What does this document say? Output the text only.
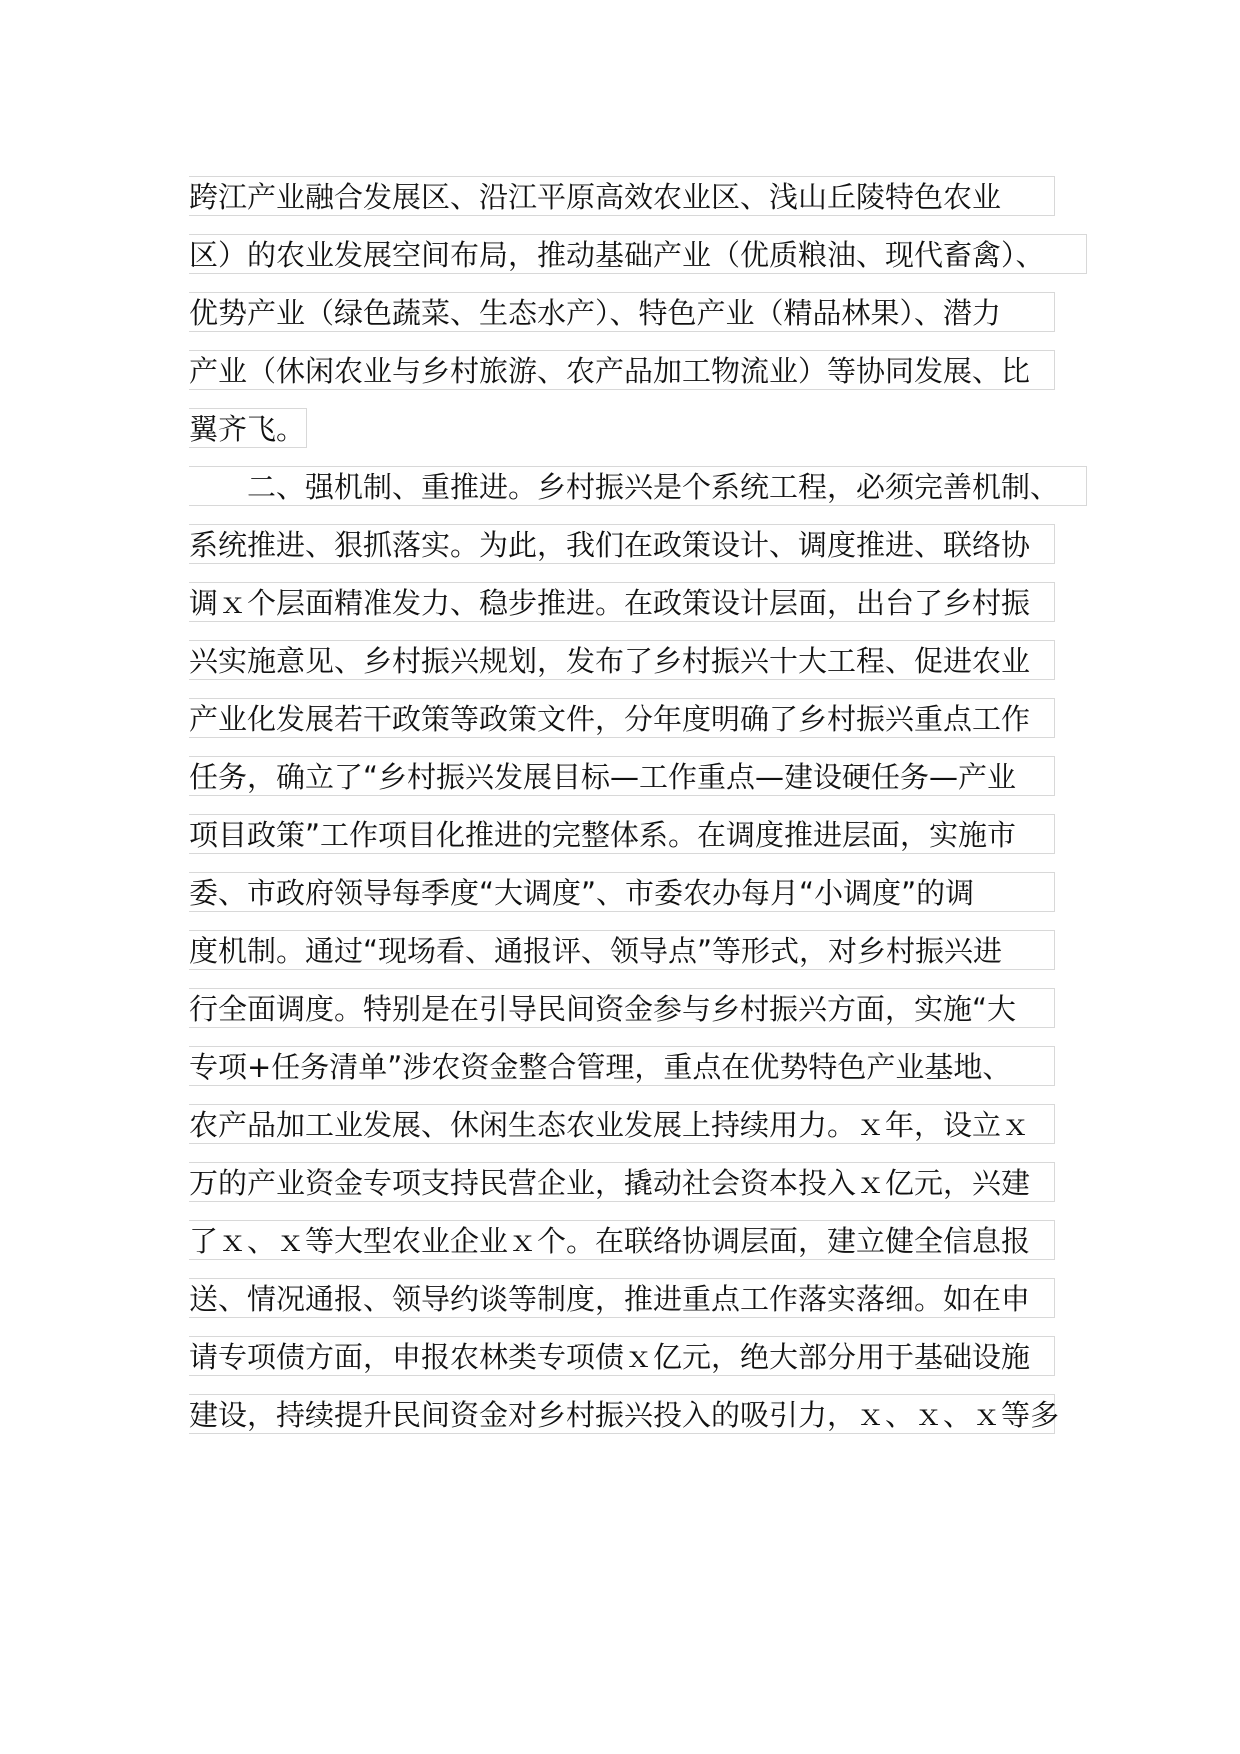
跨江产业融合发展区、沿江平原高效农业区、浅山丘陵特色农业
区）的农业发展空间布局，推动基础产业（优质粮油、现代畜禽）、
优势产业（绿色蔬菜、生态水产）、特色产业（精品林果）、潜力
产业（休闲农业与乡村旅游、农产品加工物流业）等协同发展、比
翼齐飞。
二、强机制、重推进。乡村振兴是个系统工程，必须完善机制、
系统推进、狠抓落实。为此，我们在政策设计、调度推进、联络协
调ｘ个层面精准发力、稳步推进。在政策设计层面，出台了乡村振
兴实施意见、乡村振兴规划，发布了乡村振兴十大工程、促进农业
产业化发展若干政策等政策文件，分年度明确了乡村振兴重点工作
任务，确立了“乡村振兴发展目标—工作重点—建设硬任务—产业
项目政策”工作项目化推进的完整体系。在调度推进层面，实施市
委、市政府领导每季度“大调度”、市委农办每月“小调度”的调
度机制。通过“现场看、通报评、领导点”等形式，对乡村振兴进
行全面调度。特别是在引导民间资金参与乡村振兴方面，实施“大
专项+任务清单”涉农资金整合管理，重点在优势特色产业基地、
农产品加工业发展、休闲生态农业发展上持续用力。ｘ年，设立ｘ
万的产业资金专项支持民营企业，撬动社会资本投入ｘ亿元，兴建
了ｘ、ｘ等大型农业企业ｘ个。在联络协调层面，建立健全信息报
送、情况通报、领导约谈等制度，推进重点工作落实落细。如在申
请专项债方面，申报农林类专项债ｘ亿元，绝大部分用于基础设施
建设，持续提升民间资金对乡村振兴投入的吸引力，ｘ、ｘ、ｘ等多
